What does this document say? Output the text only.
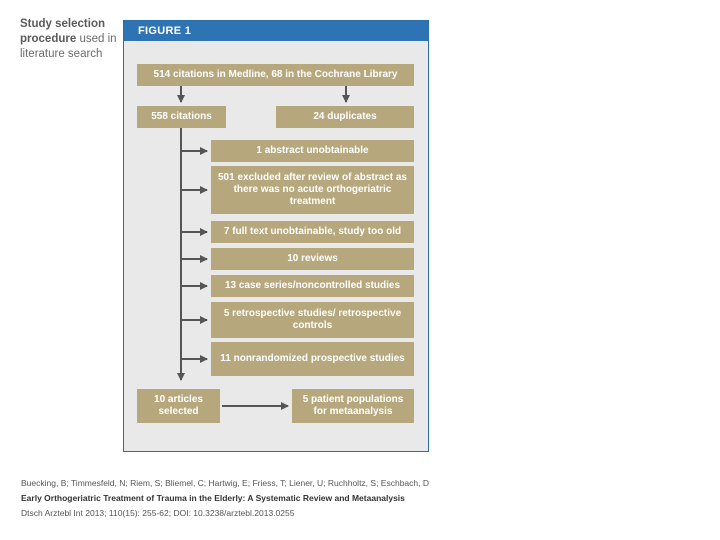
Study selection procedure used in literature search
FIGURE 1
514 citations in Medline, 68 in the Cochrane Library
558 citations	24 duplicates
1 abstract unobtainable
501 excluded after review of abstract as there was no acute orthogeriatric treatment
7 full text unobtainable, study too old
10 reviews
13 case series/noncontrolled studies
5 retrospective studies/ retrospective controls
11 nonrandomized prospective studies
10 articles selected
5 patient populations for metaanalysis
Buecking, B; Timmesfeld, N; Riem, S; Bliemel, C; Hartwig, E; Friess, T; Liener, U; Ruchholtz, S; Eschbach, D
Early Orthogeriatric Treatment of Trauma in the Elderly: A Systematic Review and Metaanalysis
Dtsch Arztebl Int 2013; 110(15): 255-62; DOI: 10.3238/arztebl.2013.0255
